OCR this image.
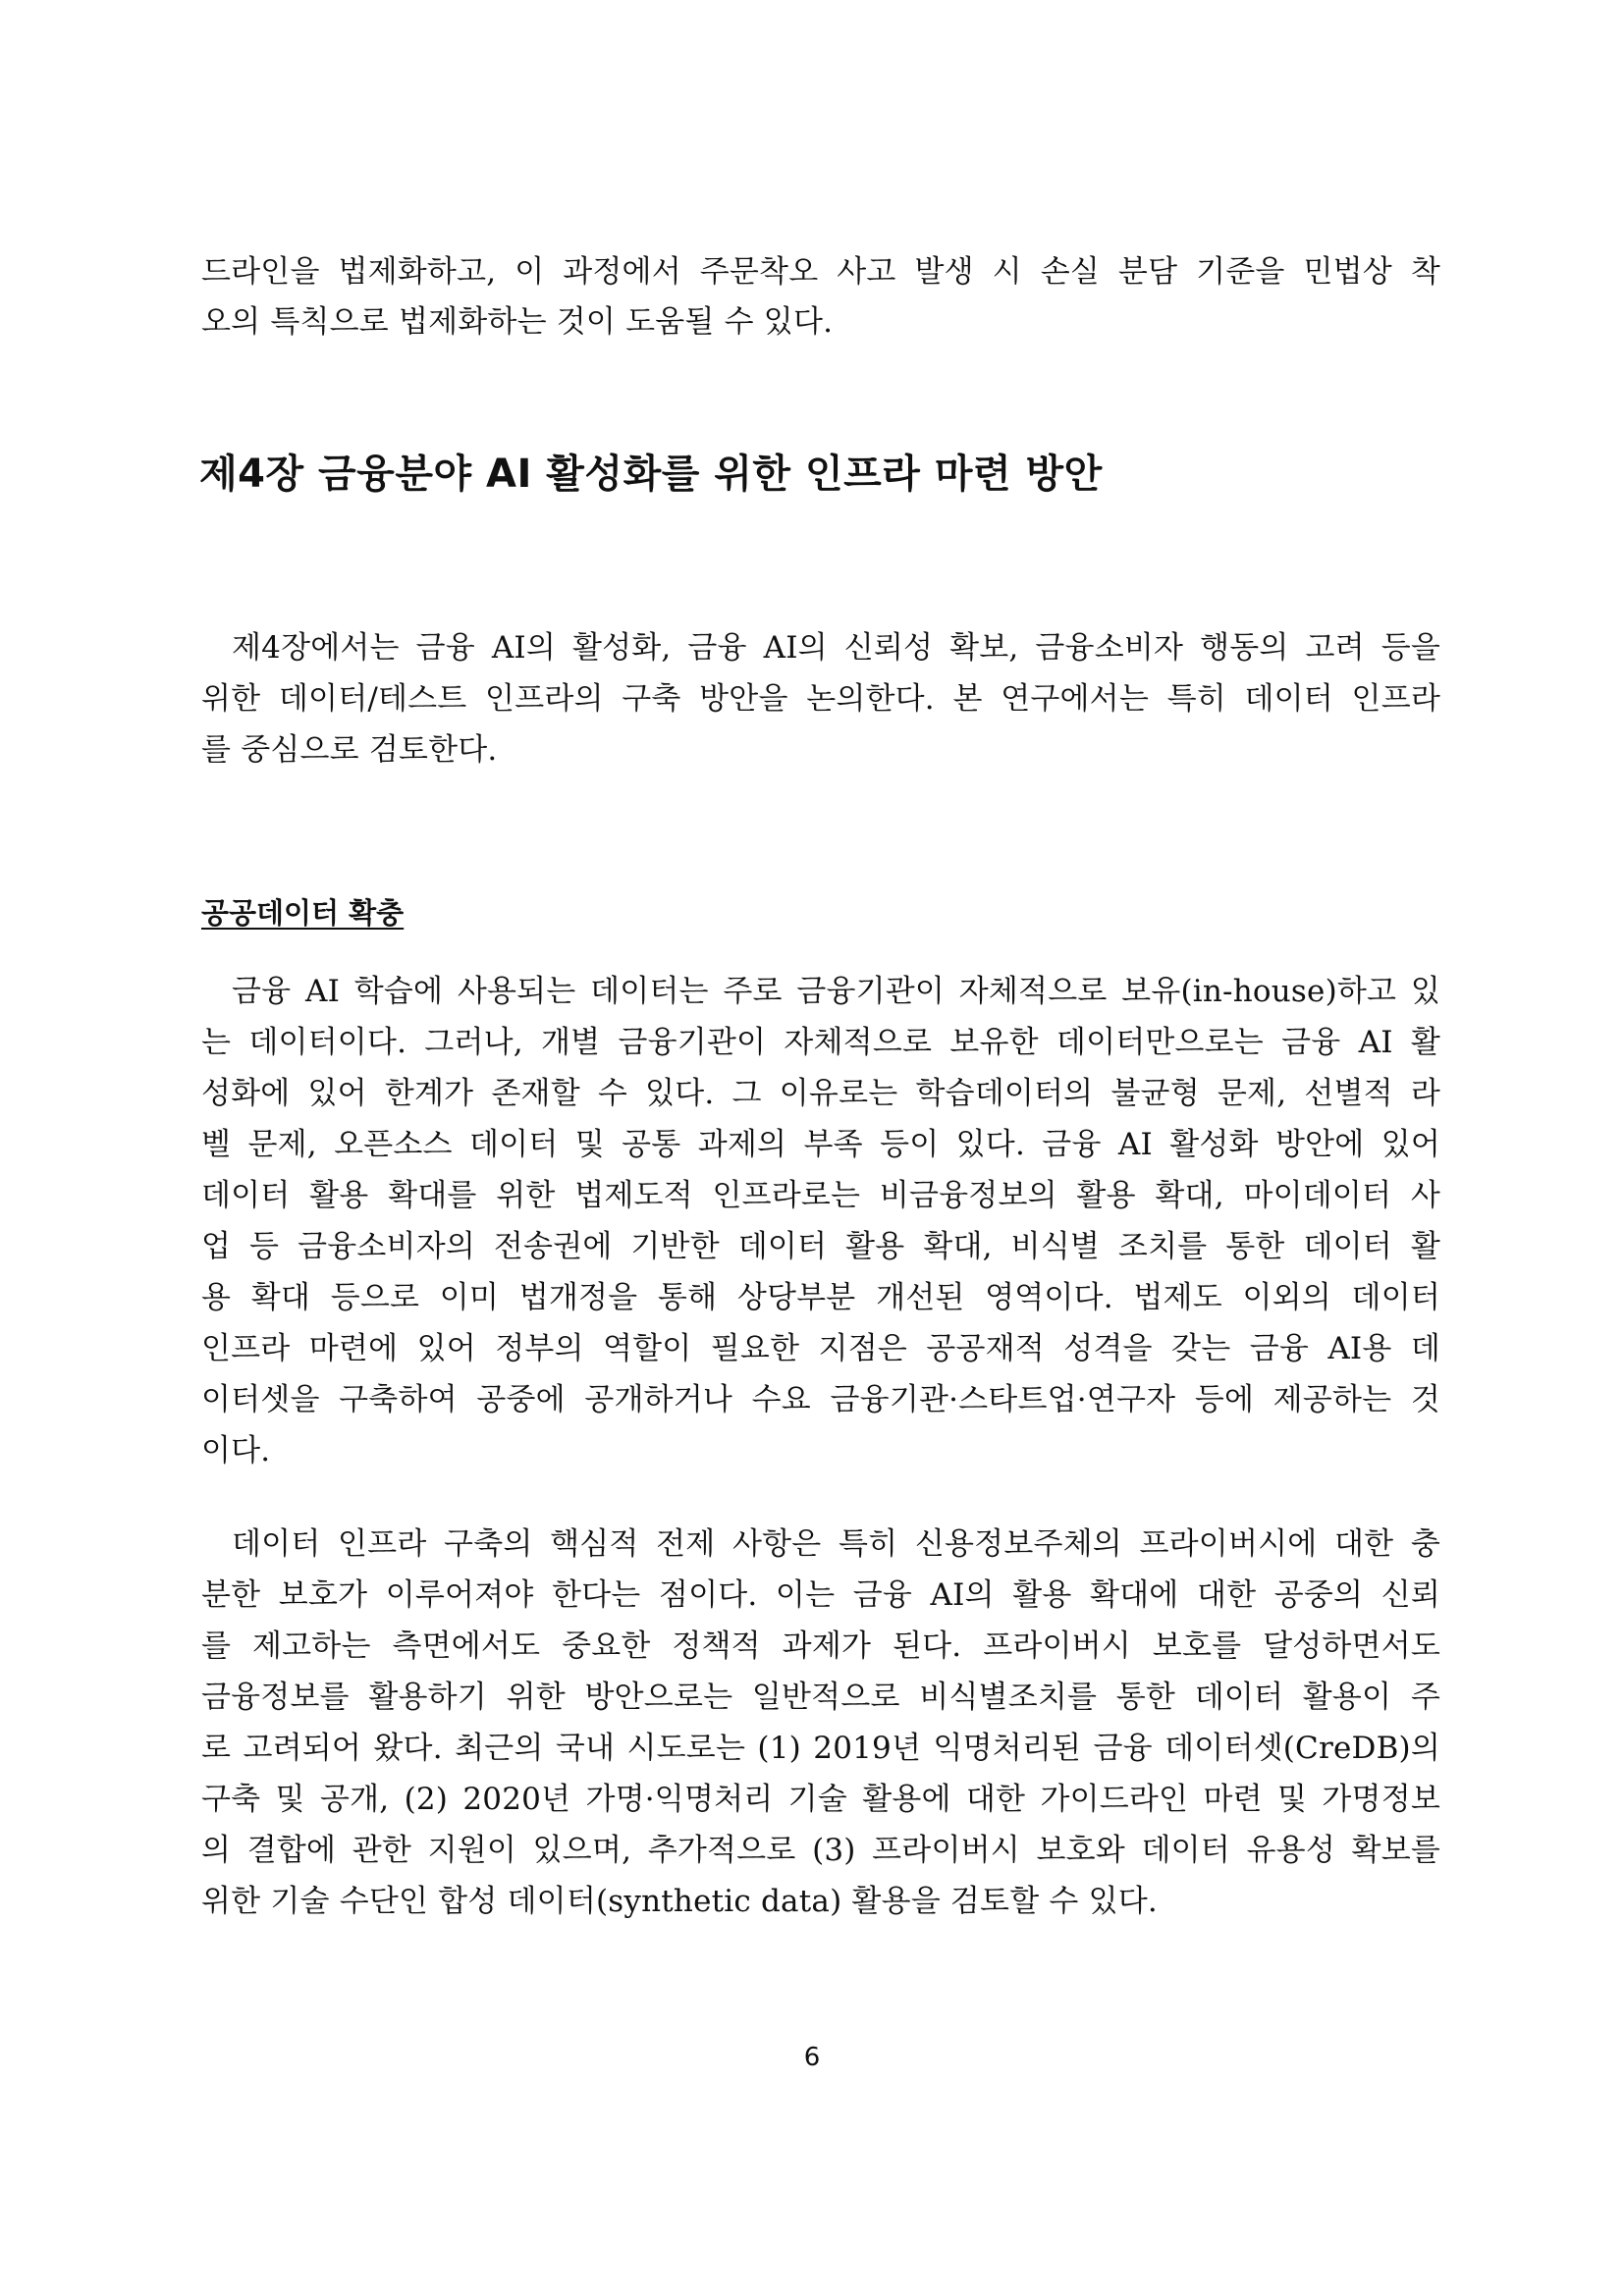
드라인을 법제화하고, 이 과정에서 주문착오 사고 발생 시 손실 분담 기준을 민법상 착
오의 특칙으로 법제화하는 것이 도움될 수 있다.
제4장 금융분야 AI 활성화를 위한 인프라 마련 방안
제4장에서는 금융 AI의 활성화, 금융 AI의 신뢰성 확보, 금융소비자 행동의 고려 등을
위한 데이터/테스트 인프라의 구축 방안을 논의한다. 본 연구에서는 특히 데이터 인프라
를 중심으로 검토한다.
공공데이터 확충
금융 AI 학습에 사용되는 데이터는 주로 금융기관이 자체적으로 보유(in-house)하고 있
는 데이터이다. 그러나, 개별 금융기관이 자체적으로 보유한 데이터만으로는 금융 AI 활
성화에 있어 한계가 존재할 수 있다. 그 이유로는 학습데이터의 불균형 문제, 선별적 라
벨 문제, 오픈소스 데이터 및 공통 과제의 부족 등이 있다. 금융 AI 활성화 방안에 있어
데이터 활용 확대를 위한 법제도적 인프라로는 비금융정보의 활용 확대, 마이데이터 사
업 등 금융소비자의 전송권에 기반한 데이터 활용 확대, 비식별 조치를 통한 데이터 활
용 확대 등으로 이미 법개정을 통해 상당부분 개선된 영역이다. 법제도 이외의 데이터
인프라 마련에 있어 정부의 역할이 필요한 지점은 공공재적 성격을 갖는 금융 AI용 데
이터셋을 구축하여 공중에 공개하거나 수요 금융기관·스타트업·연구자 등에 제공하는 것
이다.
데이터 인프라 구축의 핵심적 전제 사항은 특히 신용정보주체의 프라이버시에 대한 충
분한 보호가 이루어져야 한다는 점이다. 이는 금융 AI의 활용 확대에 대한 공중의 신뢰
를 제고하는 측면에서도 중요한 정책적 과제가 된다. 프라이버시 보호를 달성하면서도
금융정보를 활용하기 위한 방안으로는 일반적으로 비식별조치를 통한 데이터 활용이 주
로 고려되어 왔다. 최근의 국내 시도로는 (1) 2019년 익명처리된 금융 데이터셋(CreDB)의
구축 및 공개, (2) 2020년 가명·익명처리 기술 활용에 대한 가이드라인 마련 및 가명정보
의 결합에 관한 지원이 있으며, 추가적으로 (3) 프라이버시 보호와 데이터 유용성 확보를
위한 기술 수단인 합성 데이터(synthetic data) 활용을 검토할 수 있다.
6
